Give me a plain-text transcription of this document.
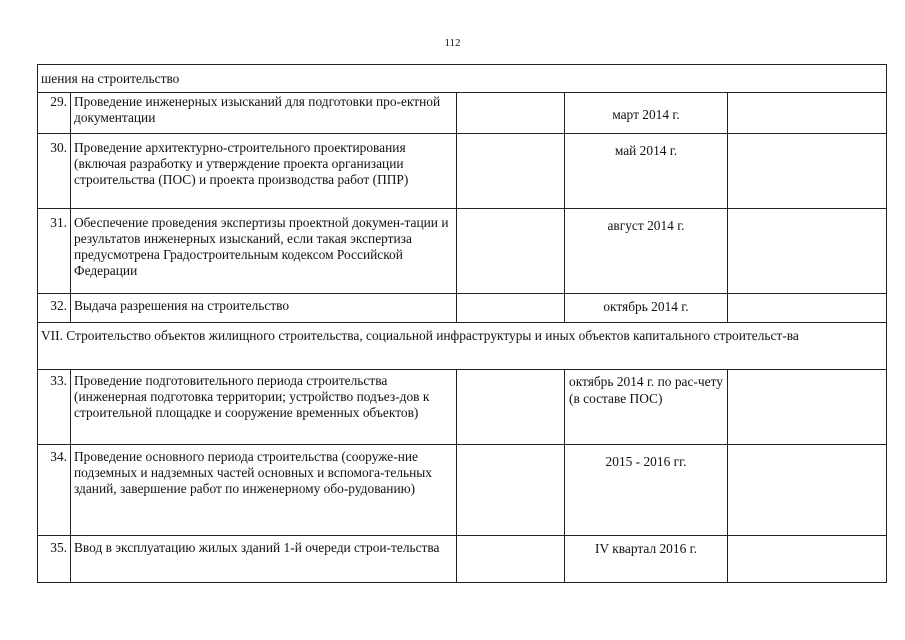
112
шения на строительство				
29.	Проведение инженерных изысканий для подготовки про-ектной документации		март 2014 г.	
30.	Проведение архитектурно-строительного проектирования (включая разработку и утверждение проекта организации строительства (ПОС) и проекта производства работ (ППР)		май 2014 г.	
31.	Обеспечение проведения экспертизы проектной докумен-тации и результатов инженерных изысканий, если такая экспертиза предусмотрена Градостроительным кодексом Российской Федерации		август 2014 г.	
32.	Выдача разрешения на строительство		октябрь 2014 г.	
VII. Строительство объектов жилищного строительства, социальной инфраструктуры и иных объектов капитального строительст-ва				
33.	Проведение подготовительного периода строительства (инженерная подготовка территории; устройство подъез-дов к строительной площадке и сооружение временных объектов)		октябрь 2014 г. по рас-чету (в составе ПОС)	
34.	Проведение основного периода строительства (сооруже-ние подземных и надземных частей основных и вспомога-тельных зданий, завершение работ по инженерному обо-рудованию)		2015 - 2016 гг.	
35.	Ввод в эксплуатацию жилых зданий 1-й очереди строи-тельства		IV квартал 2016 г.	
